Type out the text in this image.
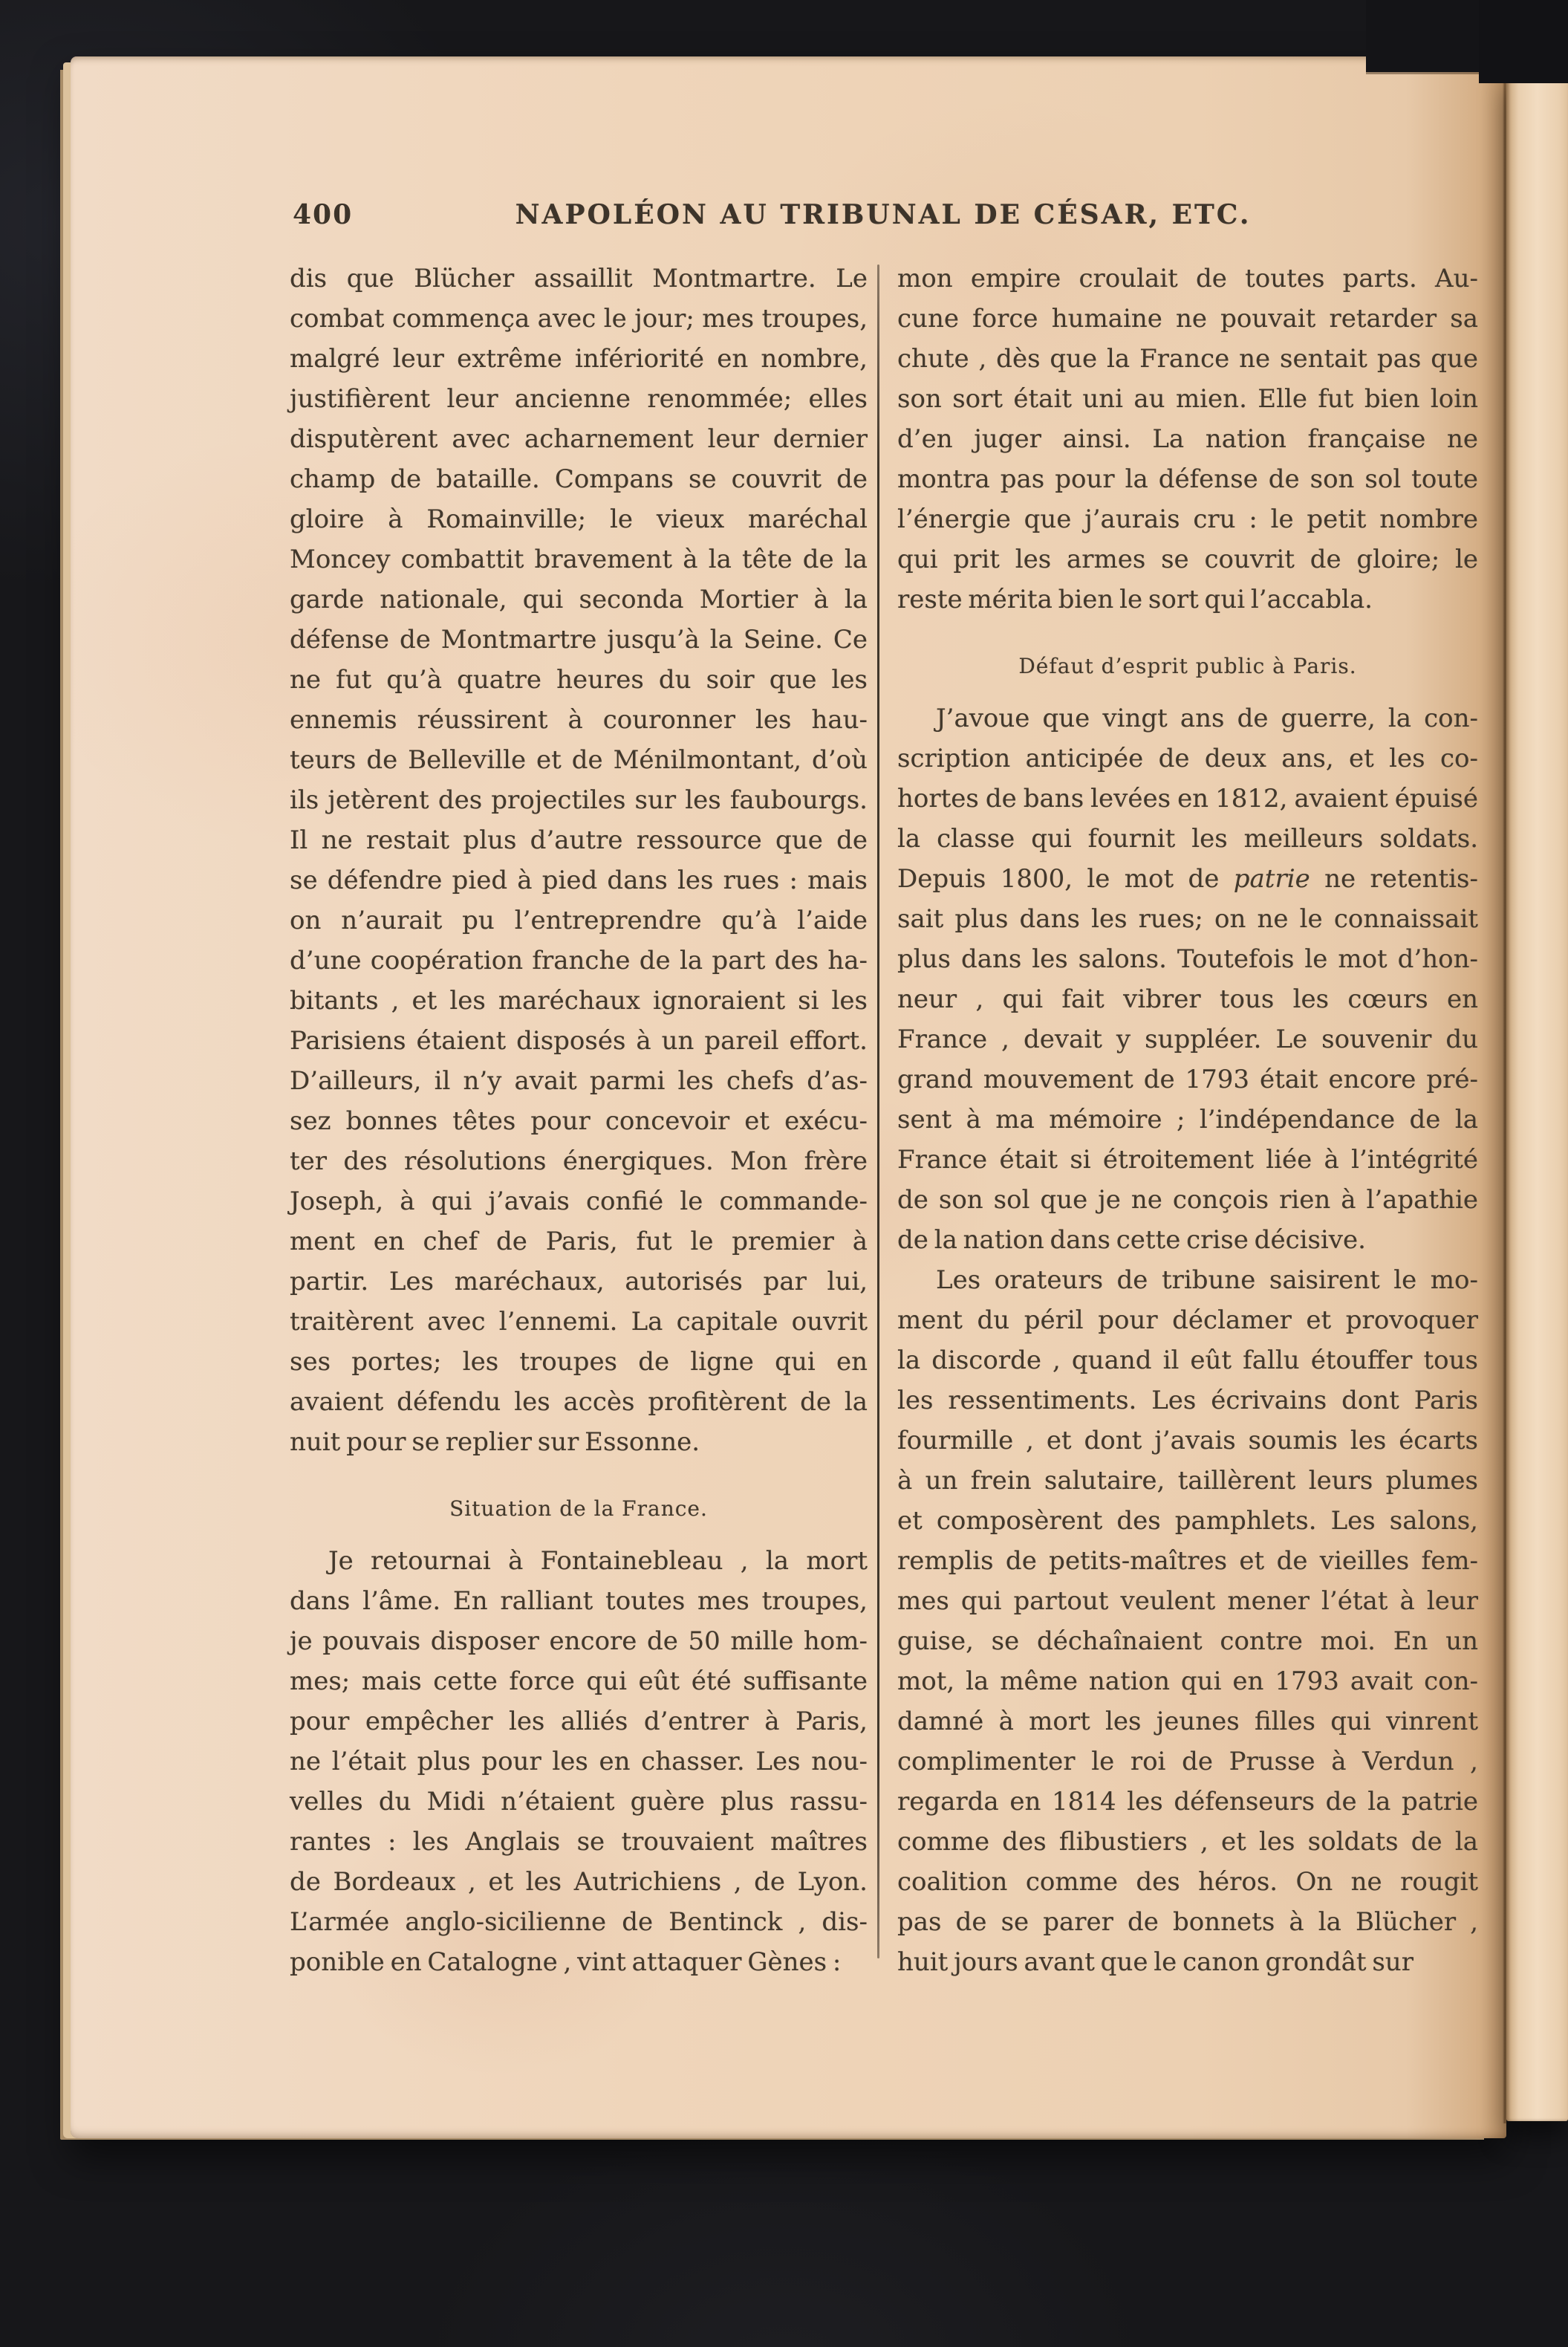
400	NAPOLÉON AU TRIBUNAL DE CÉSAR, ETC.
dis que Blücher assaillit Montmartre. Le
combat commença avec le jour; mes troupes,
malgré leur extrême infériorité en nombre,
justifièrent leur ancienne renommée; elles
disputèrent avec acharnement leur dernier
champ de bataille. Compans se couvrit de
gloire à Romainville; le vieux maréchal
Moncey combattit bravement à la tête de la
garde nationale, qui seconda Mortier à la
défense de Montmartre jusqu’à la Seine. Ce
ne fut qu’à quatre heures du soir que les
ennemis réussirent à couronner les hau-
teurs de Belleville et de Ménilmontant, d’où
ils jetèrent des projectiles sur les faubourgs.
Il ne restait plus d’autre ressource que de
se défendre pied à pied dans les rues : mais
on n’aurait pu l’entreprendre qu’à l’aide
d’une coopération franche de la part des ha-
bitants , et les maréchaux ignoraient si les
Parisiens étaient disposés à un pareil effort.
D’ailleurs, il n’y avait parmi les chefs d’as-
sez bonnes têtes pour concevoir et exécu-
ter des résolutions énergiques. Mon frère
Joseph, à qui j’avais confié le commande-
ment en chef de Paris, fut le premier à
partir. Les maréchaux, autorisés par lui,
traitèrent avec l’ennemi. La capitale ouvrit
ses portes; les troupes de ligne qui en
avaient défendu les accès profitèrent de la
nuit pour se replier sur Essonne.
Situation de la France.
Je retournai à Fontainebleau , la mort
dans l’âme. En ralliant toutes mes troupes,
je pouvais disposer encore de 50 mille hom-
mes; mais cette force qui eût été suffisante
pour empêcher les alliés d’entrer à Paris,
ne l’était plus pour les en chasser. Les nou-
velles du Midi n’étaient guère plus rassu-
rantes : les Anglais se trouvaient maîtres
de Bordeaux , et les Autrichiens , de Lyon.
L’armée anglo-sicilienne de Bentinck , dis-
ponible en Catalogne , vint attaquer Gènes :
mon empire croulait de toutes parts. Au-
cune force humaine ne pouvait retarder sa
chute , dès que la France ne sentait pas que
son sort était uni au mien. Elle fut bien loin
d’en juger ainsi. La nation française ne
montra pas pour la défense de son sol toute
l’énergie que j’aurais cru : le petit nombre
qui prit les armes se couvrit de gloire; le
reste mérita bien le sort qui l’accabla.
Défaut d’esprit public à Paris.
J’avoue que vingt ans de guerre, la con-
scription anticipée de deux ans, et les co-
hortes de bans levées en 1812, avaient épuisé
la classe qui fournit les meilleurs soldats.
Depuis 1800, le mot de patrie ne retentis-
sait plus dans les rues; on ne le connaissait
plus dans les salons. Toutefois le mot d’hon-
neur , qui fait vibrer tous les cœurs en
France , devait y suppléer. Le souvenir du
grand mouvement de 1793 était encore pré-
sent à ma mémoire ; l’indépendance de la
France était si étroitement liée à l’intégrité
de son sol que je ne conçois rien à l’apathie
de la nation dans cette crise décisive.
Les orateurs de tribune saisirent le mo-
ment du péril pour déclamer et provoquer
la discorde , quand il eût fallu étouffer tous
les ressentiments. Les écrivains dont Paris
fourmille , et dont j’avais soumis les écarts
à un frein salutaire, taillèrent leurs plumes
et composèrent des pamphlets. Les salons,
remplis de petits-maîtres et de vieilles fem-
mes qui partout veulent mener l’état à leur
guise, se déchaînaient contre moi. En un
mot, la même nation qui en 1793 avait con-
damné à mort les jeunes filles qui vinrent
complimenter le roi de Prusse à Verdun ,
regarda en 1814 les défenseurs de la patrie
comme des flibustiers , et les soldats de la
coalition comme des héros. On ne rougit
pas de se parer de bonnets à la Blücher ,
huit jours avant que le canon grondât sur
